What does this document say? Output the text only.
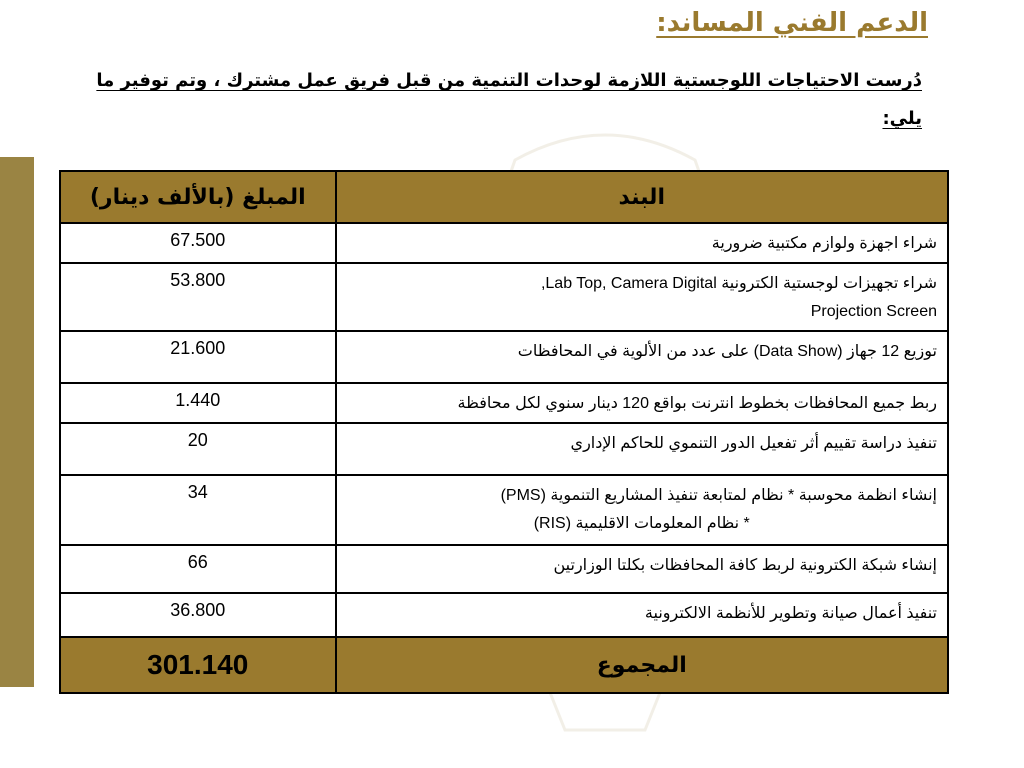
الدعم الفني المساند:

دُرست الاحتياجات اللوجستية اللازمة لوحدات التنمية من قبل فريق عمل مشترك ، وتم توفير ما يلي:

البند	المبلغ (بالألف دينار)

شراء اجهزة ولوازم مكتبية ضرورية	67.500

شراء تجهيزات لوجستية الكترونية Lab Top, Camera Digital,
Projection Screen	53.800

توزيع 12 جهاز (Data Show) على عدد من الألوية في المحافظات	21.600

ربط جميع المحافظات بخطوط انترنت بواقع 120 دينار سنوي لكل محافظة	1.440

تنفيذ دراسة تقييم أثر تفعيل الدور التنموي للحاكم الإداري	20

إنشاء انظمة محوسبة * نظام لمتابعة تنفيذ المشاريع التنموية (PMS)
* نظام المعلومات الاقليمية (RIS)	34

إنشاء شبكة الكترونية لربط كافة المحافظات بكلتا الوزارتين	66

تنفيذ أعمال صيانة وتطوير للأنظمة الالكترونية	36.800
المجموع	301.140
